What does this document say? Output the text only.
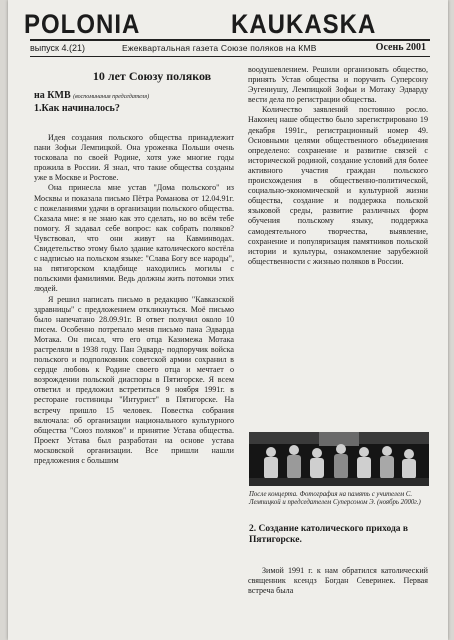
POLONIA	KAUKASKA
выпуск 4.(21)	Ежеквартальная газета Союзе поляков на КМВ	Осень 2001
10 лет Союзу поляков
на КМВ (воспоминания председателя)
1.Как начиналось?

Идея создания польского общества принадлежит пани Зофьи Лемпицкой. Она уроженка Польши очень тосковала по своей Родине, хотя уже многие годы прожила в России. Я знал, что такие общества созданы уже в Москве и Ростове.

Она принесла мне устав "Дома польского" из Москвы и показала письмо Пётра Романова от 12.04.91г. с пожеланиями удачи в организации польского общества. Сказала мне: я не знаю как это сделать, но во всём тебе помогу. Я задавал себе вопрос: как собрать поляков? Чувствовал, что они живут на Кавминводах. Свидетельство этому было здание католического костёла с надписью на польском языке: "Слава Богу все народы", на пятигорском кладбище находились могилы с польскими фамилиями. Ведь должны жить потомки этих людей.

Я решил написать письмо в редакцию "Кавказской здравницы" с предложением откликнуться. Моё письмо было напечатано 28.09.91г. В ответ получил около 10 писем. Особенно потрепало меня письмо пана Эдварда Мотака. Он писал, что его отца Казимежа Мотака растреляли в 1938 году. Пан Эдвард- подпоручик войска польского и подполковник советской армии сохранил в сердце любовь к Родине своего отца и мечтает о возрождении польской диаспоры в Пятигорске. Я всем ответил и предложил встретиться 9 ноября 1991г. в ресторане гостиницы "Интурист" в Пятигорске. На встречу пришло 15 человек. Повестка собрания включала: об организации национального культурного общества "Союз поляков" и принятие Устава общества. Проект Устава был разработан на основе устава московской организации. Все пришли нашли предложения с большим

воодушевлением. Решили организовать общество, принять Устав общества и поручить Суперсону Эугениушу, Лемпицкой Зофьи и Мотаку Эдварду вести дела по регистрации общества.

Количество заявлений постоянно росло. Наконец наше общество было зарегистрировано 19 декабря 1991г., регистрационный номер 49. Основными целями общественного объединения определено: сохранение и развитие связей с исторической родиной, создание условий для более активного участия граждан польского происхождения в общественно-политической, социально-экономической и культурной жизни общества, создание и поддержка польской языковой среды, развитие различных форм обучения польскому языку, поддержка самодеятельного творчества, выявление, сохранение и популяризация памятников польской истории и культуры, ознакомление зарубежной общественности с жизнью поляков в России.

После концерта. Фотография на память с учителем С. Лемпицкой и председателем Суперсоном Э. (ноябрь 2000г.)
2. Создание католического прихода в Пятигорске.

Зимой 1991 г. к нам обратился католический священник ксендз Богдан Северинек. Первая встреча была
